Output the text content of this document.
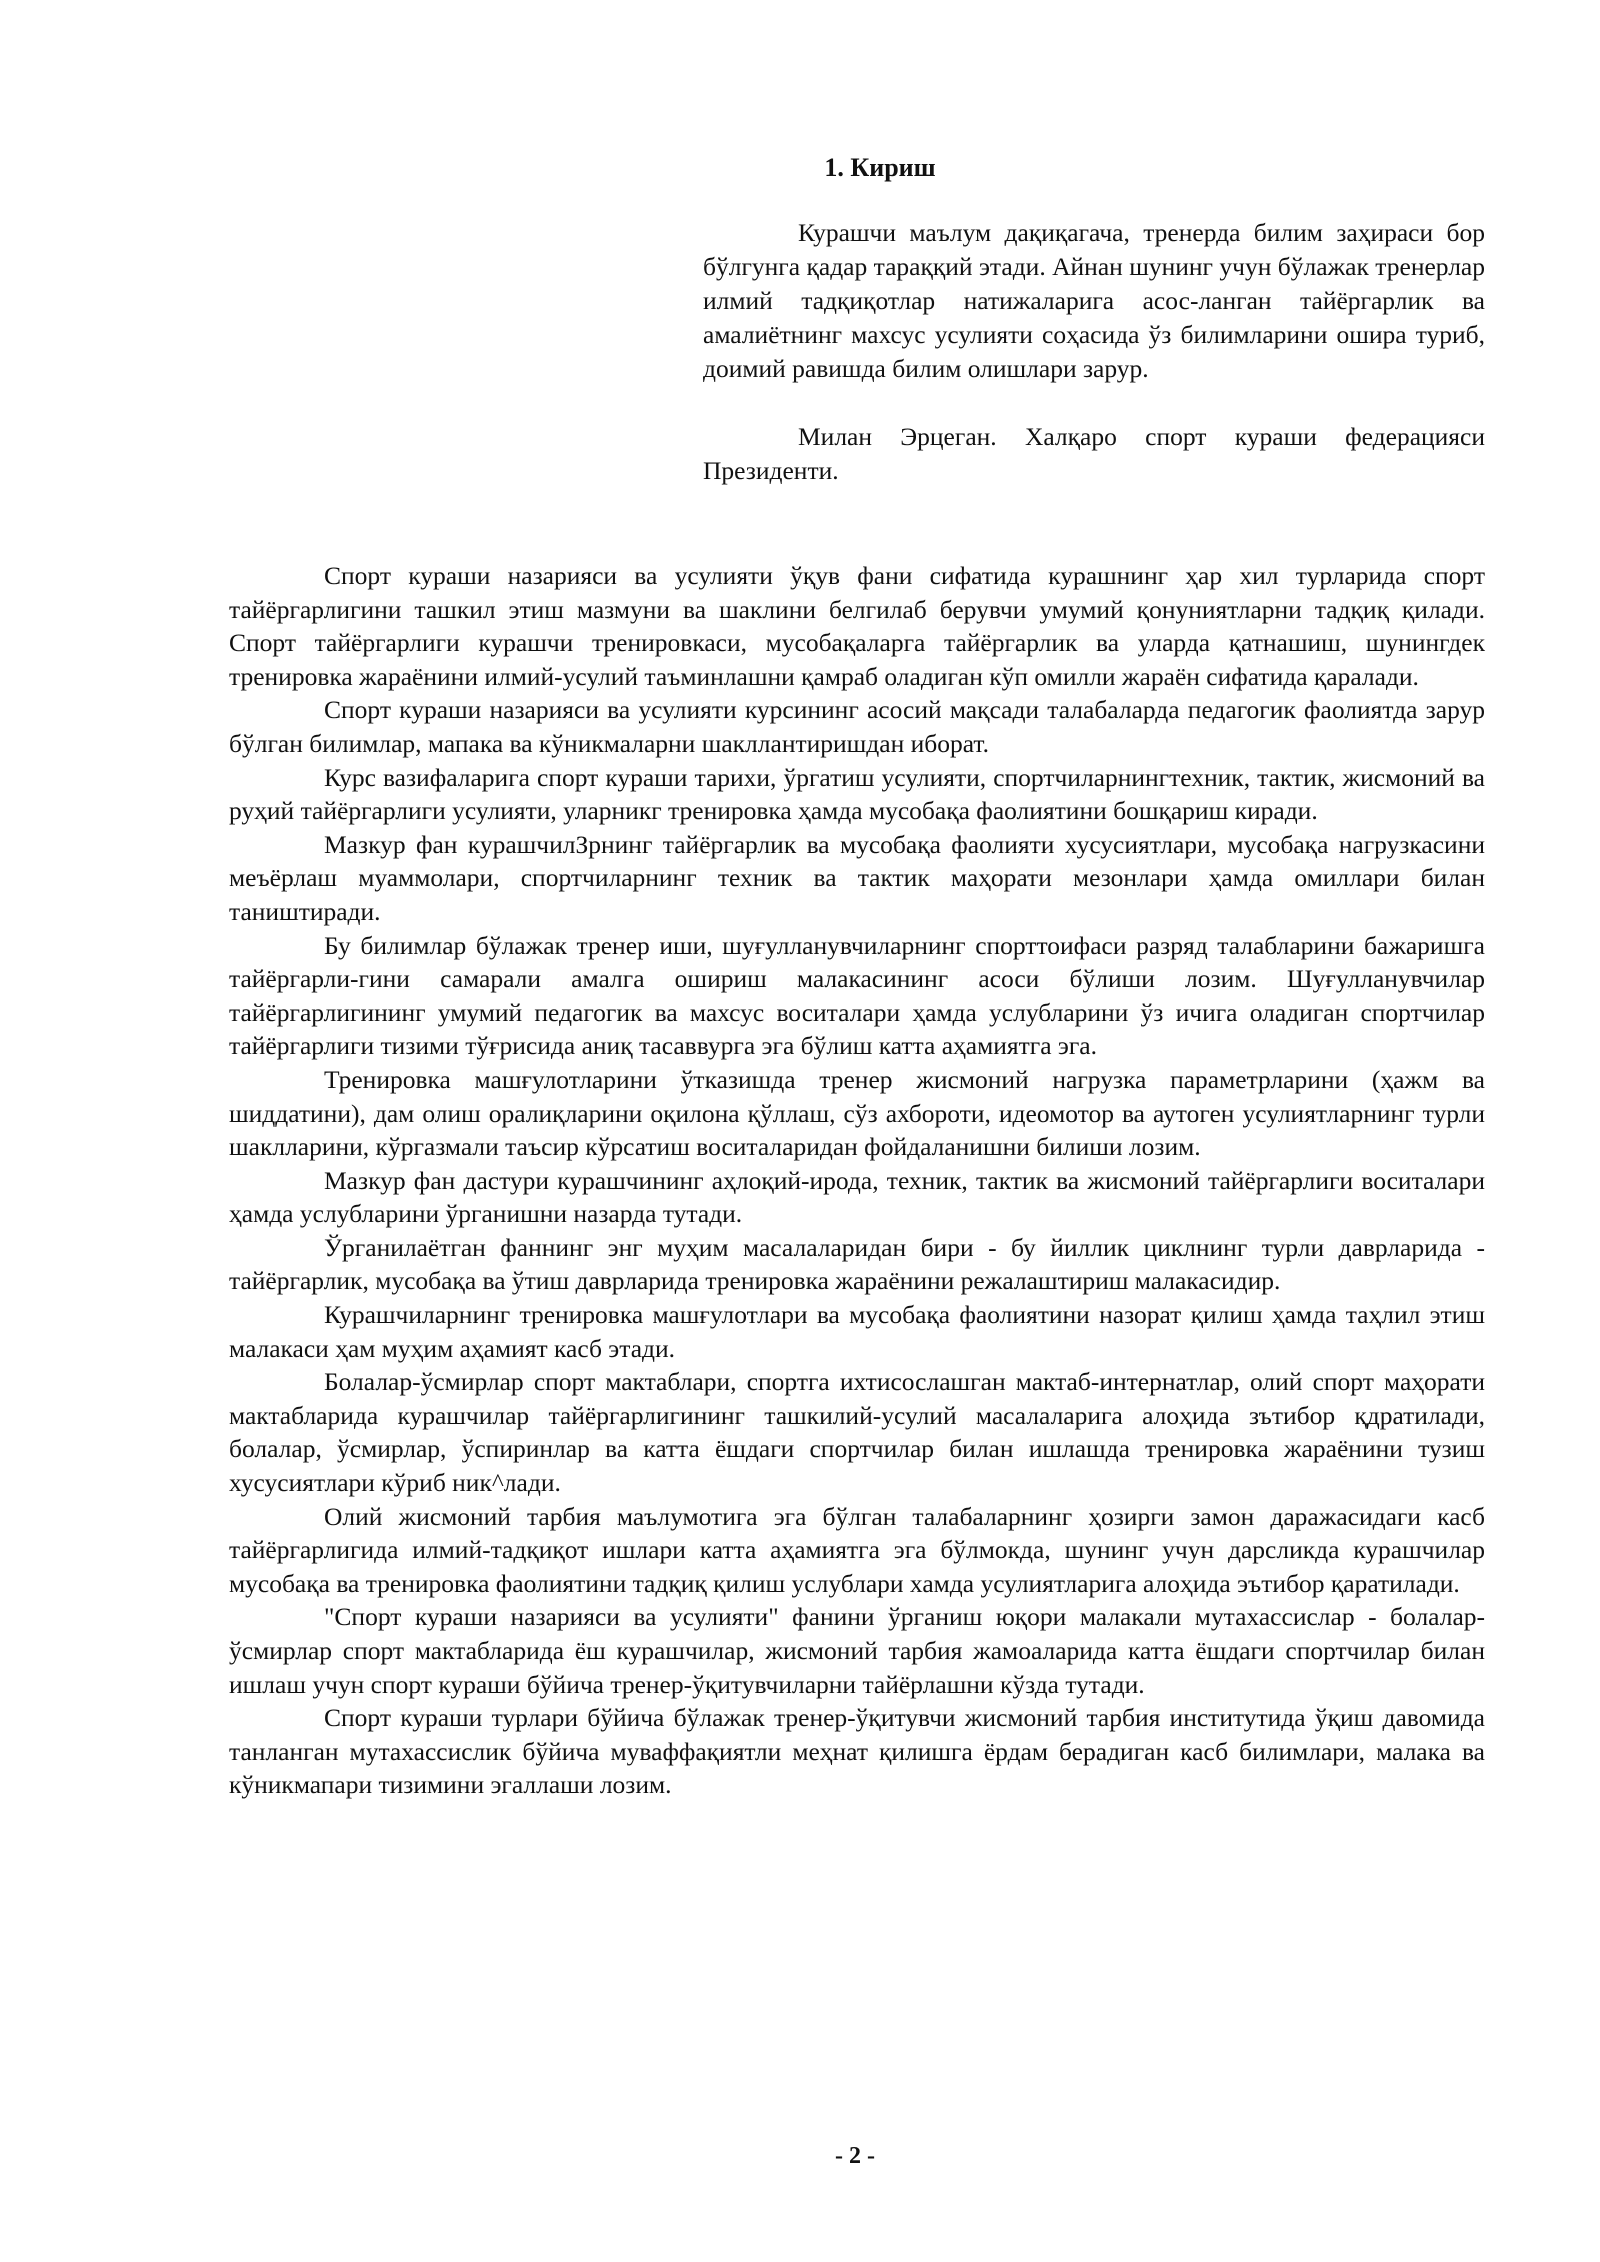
1. Кириш

Курашчи маълум дақиқагача, тренерда билим заҳираси бор бўлгунга қадар тараққий этади. Айнан шунинг учун бўлажак тренерлар илмий тадқиқотлар натижаларига асос-ланган тайёргарлик ва амалиётнинг махсус усулияти соҳасида ўз билимларини ошира туриб, доимий равишда билим олишлари зарур.

Милан Эрцеган. Халқаро спорт кураши федерацияси Президенти.

Спорт кураши назарияси ва усулияти ўқув фани сифатида курашнинг ҳар хил турларида спорт тайёргарлигини ташкил этиш мазмуни ва шаклини белгилаб берувчи умумий қонуниятларни тадқиқ қилади. Спорт тайёргарлиги курашчи тренировкаси, мусобақаларга тайёргарлик ва уларда қатнашиш, шунингдек тренировка жараёнини илмий-усулий таъминлашни қамраб оладиган кўп омилли жараён сифатида қаралади.

Спорт кураши назарияси ва усулияти курсининг асосий мақсади талабаларда педагогик фаолиятда зарур бўлган билимлар, мапака ва кўникмаларни шакллантиришдан иборат.

Курс вазифаларига спорт кураши тарихи, ўргатиш усулияти, спортчиларнингтехник, тактик, жисмоний ва руҳий тайёргарлиги усулияти, уларникг тренировка ҳамда мусобақа фаолиятини бошқариш киради.

Мазкур фан курашчилЗрнинг тайёргарлик ва мусобақа фаолияти хусусиятлари, мусобақа нагрузкасини меъёрлаш муаммолари, спортчиларнинг техник ва тактик маҳорати мезонлари ҳамда омиллари билан таништиради.

Бу билимлар бўлажак тренер иши, шуғулланувчиларнинг спорттоифаси разряд талабларини бажаришга тайёргарли-гини самарали амалга ошириш малакасининг асоси бўлиши лозим. Шуғулланувчилар тайёргарлигининг умумий педагогик ва махсус воситалари ҳамда услубларини ўз ичига оладиган спортчилар тайёргарлиги тизими тўғрисида аниқ тасаввурга эга бўлиш катта аҳамиятга эга.

Тренировка машғулотларини ўтказишда тренер жисмоний нагрузка параметрларини (ҳажм ва шиддатини), дам олиш оралиқларини оқилона қўллаш, сўз ахбороти, идеомотор ва аутоген усулиятларнинг турли шаклларини, кўргазмали таъсир кўрсатиш воситаларидан фойдаланишни билиши лозим.

Мазкур фан дастури курашчининг аҳлоқий-ирода, техник, тактик ва жисмоний тайёргарлиги воситалари ҳамда услубларини ўрганишни назарда тутади.

Ўрганилаётган фаннинг энг муҳим масалаларидан бири - бу йиллик циклнинг турли даврларида - тайёргарлик, мусобақа ва ўтиш даврларида тренировка жараёнини режалаштириш малакасидир.

Курашчиларнинг тренировка машғулотлари ва мусобақа фаолиятини назорат қилиш ҳамда таҳлил этиш малакаси ҳам муҳим аҳамият касб этади.

Болалар-ўсмирлар спорт мактаблари, спортга ихтисослашган мактаб-интернатлар, олий спорт маҳорати мактабларида курашчилар тайёргарлигининг ташкилий-усулий масалаларига алоҳида зътибор қдратилади, болалар, ўсмирлар, ўспиринлар ва катта ёшдаги спортчилар билан ишлашда тренировка жараёнини тузиш хусусиятлари кўриб ник^лади.

Олий жисмоний тарбия маълумотига эга бўлган талабаларнинг ҳозирги замон даражасидаги касб тайёргарлигида илмий-тадқиқот ишлари катта аҳамиятга эга бўлмокда, шунинг учун дарсликда курашчилар мусобақа ва тренировка фаолиятини тадқиқ қилиш услублари хамда усулиятларига алоҳида эътибор қаратилади.

"Спорт кураши назарияси ва усулияти" фанини ўрганиш юқори малакали мутахассислар - болалар-ўсмирлар спорт мактабларида ёш курашчилар, жисмоний тарбия жамоаларида катта ёшдаги спортчилар билан ишлаш учун спорт кураши бўйича тренер-ўқитувчиларни тайёрлашни кўзда тутади.

Спорт кураши турлари бўйича бўлажак тренер-ўқитувчи жисмоний тарбия институтида ўқиш давомида танланган мутахассислик бўйича муваффақиятли меҳнат қилишга ёрдам берадиган касб билимлари, малака ва кўникмапари тизимини эгаллаши лозим.

- 2 -
